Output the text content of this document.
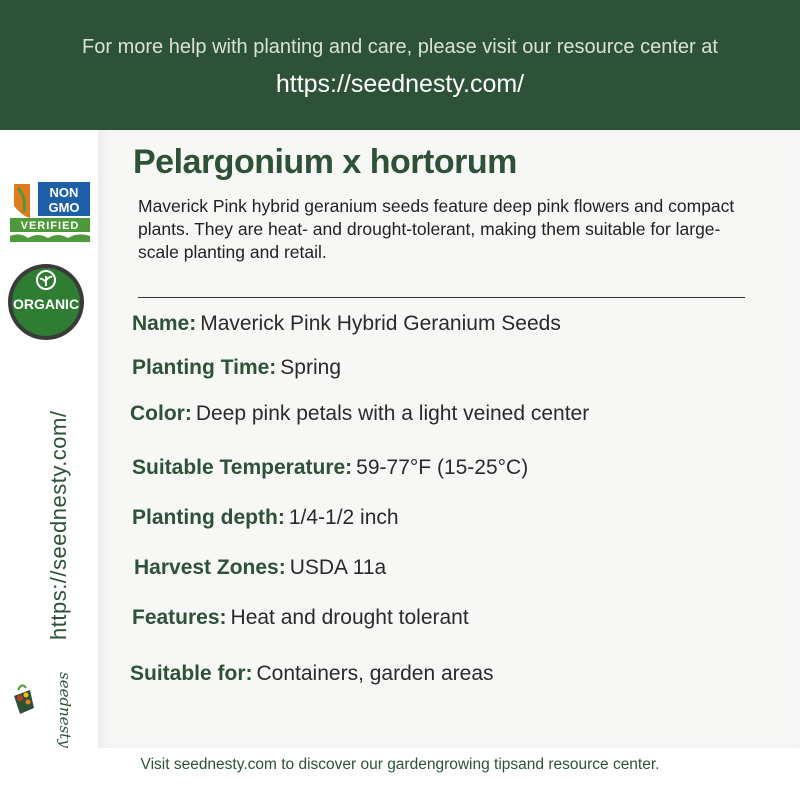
For more help with planting and care, please visit our resource center at
https://seednesty.com/
NON
GMO
VERIFIED
ORGANIC
https://seednesty.com/
seednesty
Pelargonium x hortorum
Maverick Pink hybrid geranium seeds feature deep pink flowers and compact plants. They are heat- and drought-tolerant, making them suitable for large-scale planting and retail.
Name: Maverick Pink Hybrid Geranium Seeds
Planting Time: Spring
Color: Deep pink petals with a light veined center
Suitable Temperature: 59-77°F (15-25°C)
Planting depth: 1/4-1/2 inch
Harvest Zones: USDA 11a
Features: Heat and drought tolerant
Suitable for: Containers, garden areas
Visit seednesty.com to discover our gardengrowing tipsand resource center.
